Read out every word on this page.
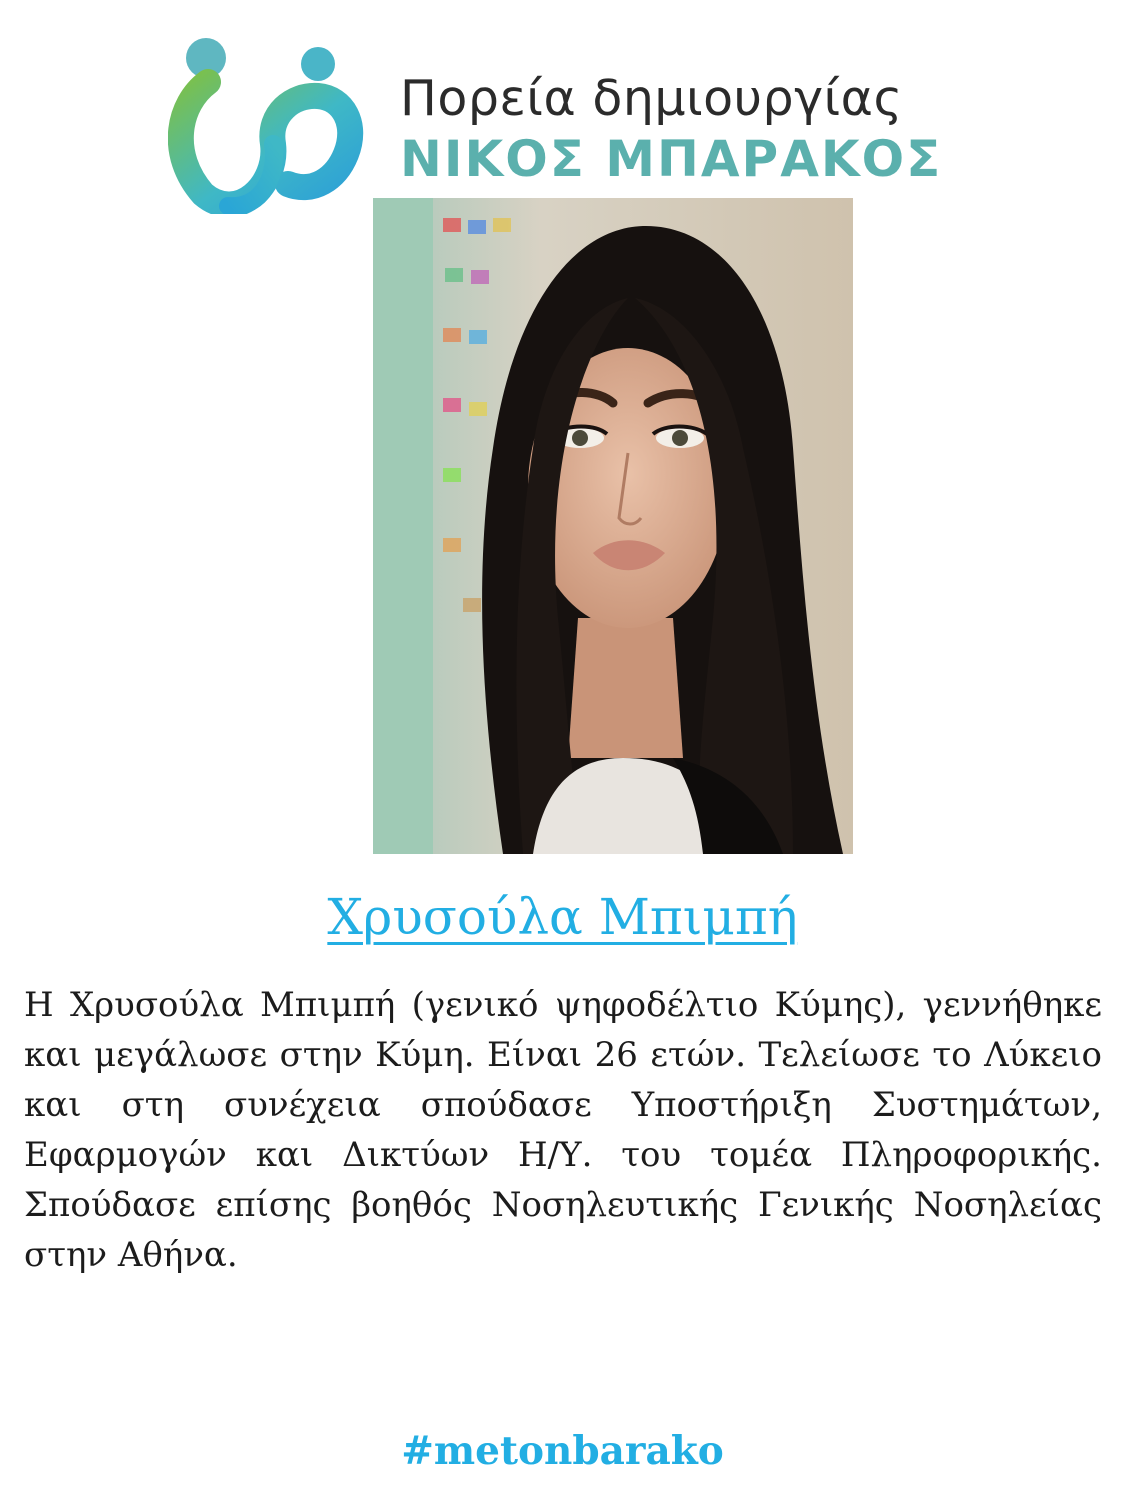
Πορεία δημιουργίας
ΝΙΚΟΣ ΜΠΑΡΑΚΟΣ
Χρυσούλα Μπιμπή

Η Χρυσούλα Μπιμπή (γενικό ψηφοδέλτιο Κύμης), γεννήθηκε και μεγάλωσε στην Κύμη. Είναι 26 ετών. Τελείωσε το Λύκειο και στη συνέχεια σπούδασε Υποστήριξη Συστημάτων, Εφαρμογών και Δικτύων Η/Υ. του τομέα Πληροφορικής. Σπούδασε επίσης βοηθός Νοσηλευτικής Γενικής Νοσηλείας στην Αθήνα.

#metonbarako
